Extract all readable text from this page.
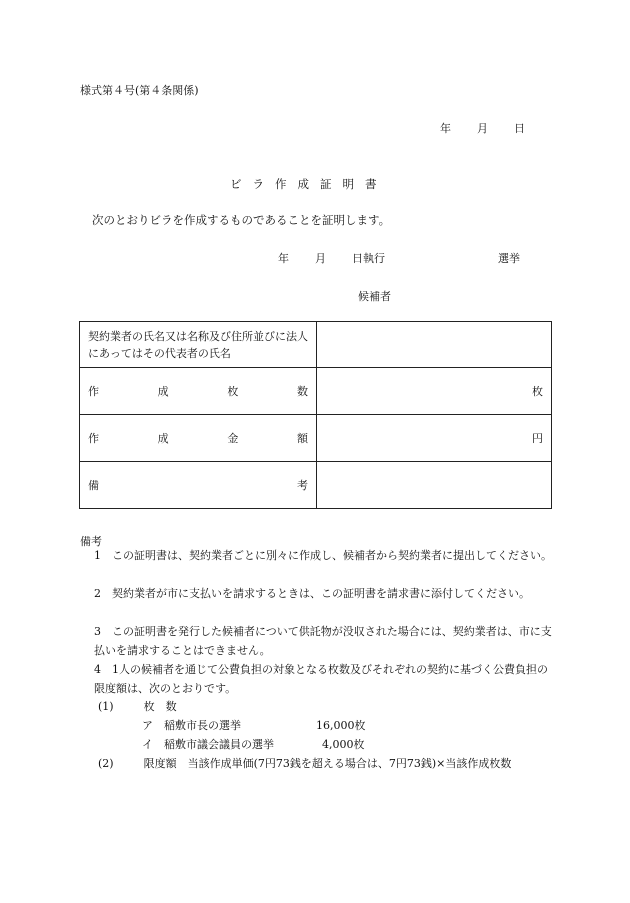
様式第４号(第４条関係)
年 月 日
ビラ作成証明書
次のとおりビラを作成するものであることを証明します。
年 月 日執行	選挙
候補者
契約業者の氏名又は名称及び住所並びに法人にあってはその代表者の氏名	

作 成 枚 数	枚

作 成 金 額	円

備 考	

備考
1　この証明書は、契約業者ごとに別々に作成し、候補者から契約業者に提出してください。
2　契約業者が市に支払いを請求するときは、この証明書を請求書に添付してください。
3　この証明書を発行した候補者について供託物が没収された場合には、契約業者は、市に支払いを請求することはできません。
4　1人の候補者を通じて公費負担の対象となる枚数及びそれぞれの契約に基づく公費負担の限度額は、次のとおりです。
(1)	枚　数
ア　稲敷市長の選挙	16,000枚
イ　稲敷市議会議員の選挙	4,000枚
(2)	限度額　当該作成単価(7円73銭を超える場合は、7円73銭)×当該作成枚数
